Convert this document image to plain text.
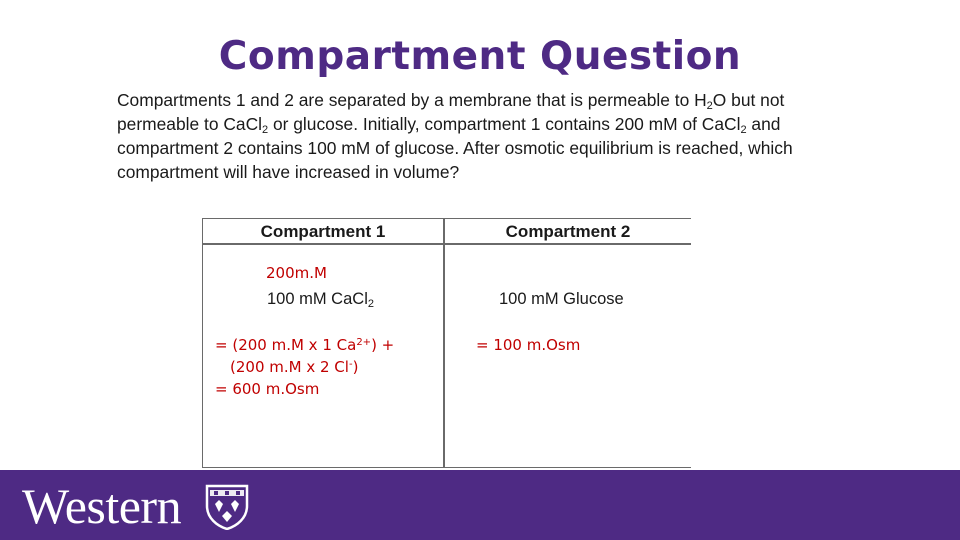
Compartment Question
Compartments 1 and 2 are separated by a membrane that is permeable to $H_2O$ but not
permeable to CaCl$_2$ or glucose. Initially, compartment 1 contains 200 mM of CaCl$_2$ and
compartment 2 contains 100 mM of glucose. After osmotic equilibrium is reached, which
compartment will have increased in volume?
Compartment 1	Compartment 2
100 mM CaCl$_2$	100 mM Glucose
200m.M
= (200 m.M x 1 $Ca^{2+}$) +
(200 m.M x 2 Cl-)
= 600 m.Osm
= 100 m.Osm
Western
